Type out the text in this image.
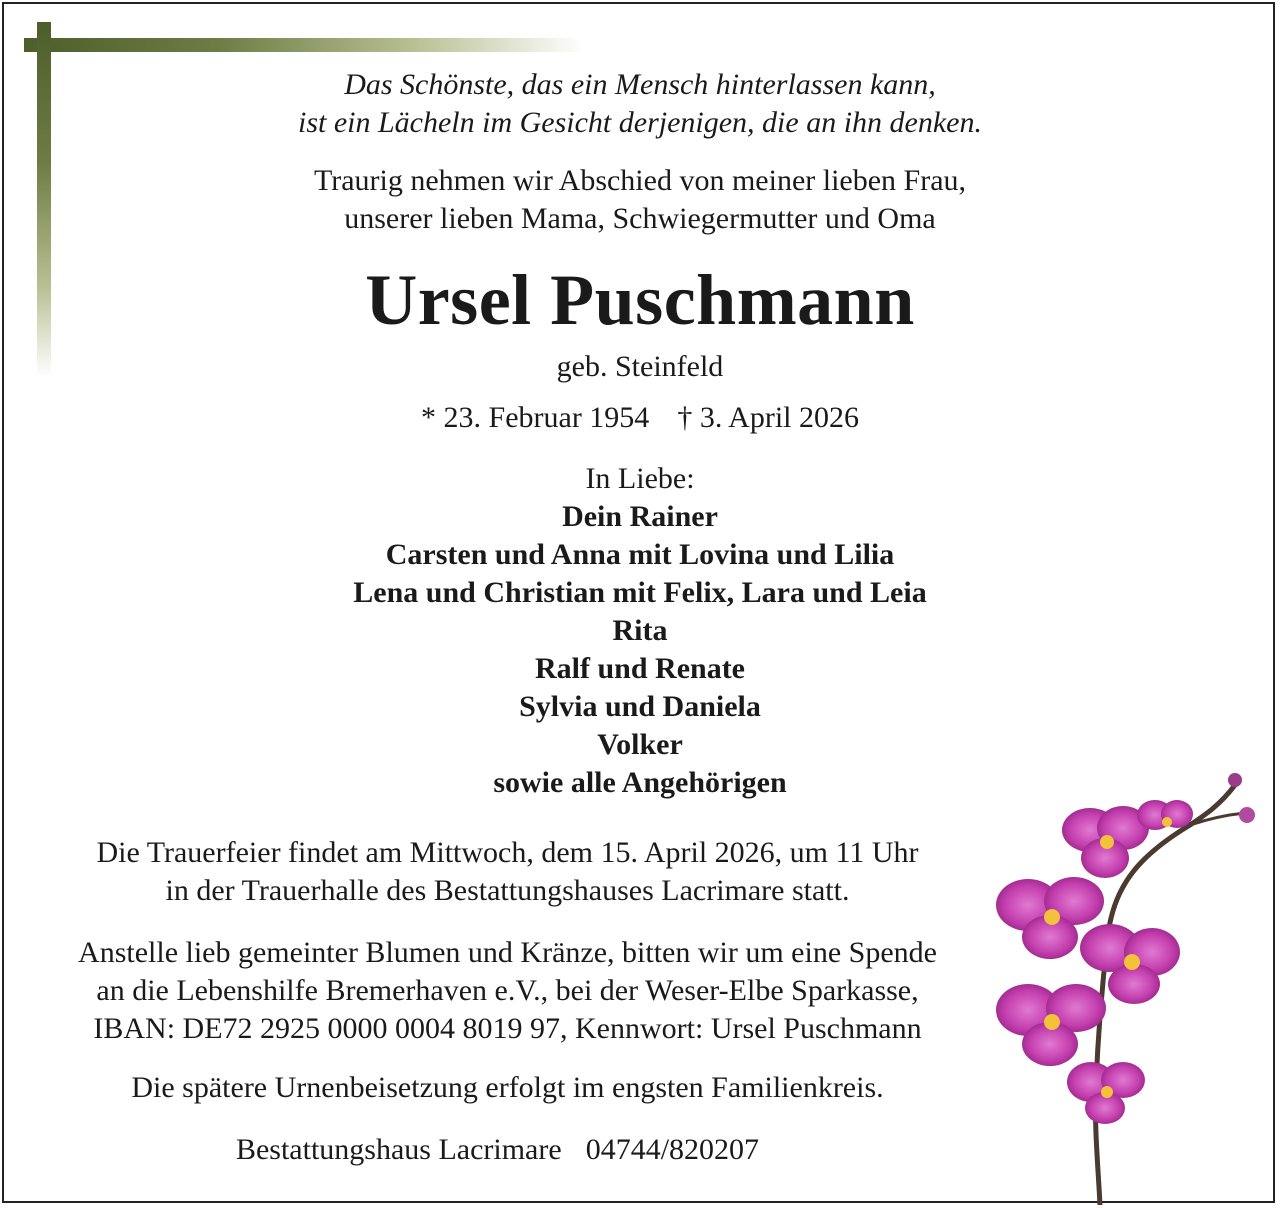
Das Schönste, das ein Mensch hinterlassen kann,
ist ein Lächeln im Gesicht derjenigen, die an ihn denken.
Traurig nehmen wir Abschied von meiner lieben Frau,
unserer lieben Mama, Schwiegermutter und Oma
Ursel Puschmann
geb. Steinfeld
* 23. Februar 1954 † 3. April 2026
In Liebe:
Dein Rainer
Carsten und Anna mit Lovina und Lilia
Lena und Christian mit Felix, Lara und Leia
Rita
Ralf und Renate
Sylvia und Daniela
Volker
sowie alle Angehörigen
Die Trauerfeier findet am Mittwoch, dem 15. April 2026, um 11 Uhr
in der Trauerhalle des Bestattungshauses Lacrimare statt.
Anstelle lieb gemeinter Blumen und Kränze, bitten wir um eine Spende
an die Lebenshilfe Bremerhaven e.V., bei der Weser-Elbe Sparkasse,
IBAN: DE72 2925 0000 0004 8019 97, Kennwort: Ursel Puschmann
Die spätere Urnenbeisetzung erfolgt im engsten Familienkreis.
Bestattungshaus Lacrimare 04744/820207
